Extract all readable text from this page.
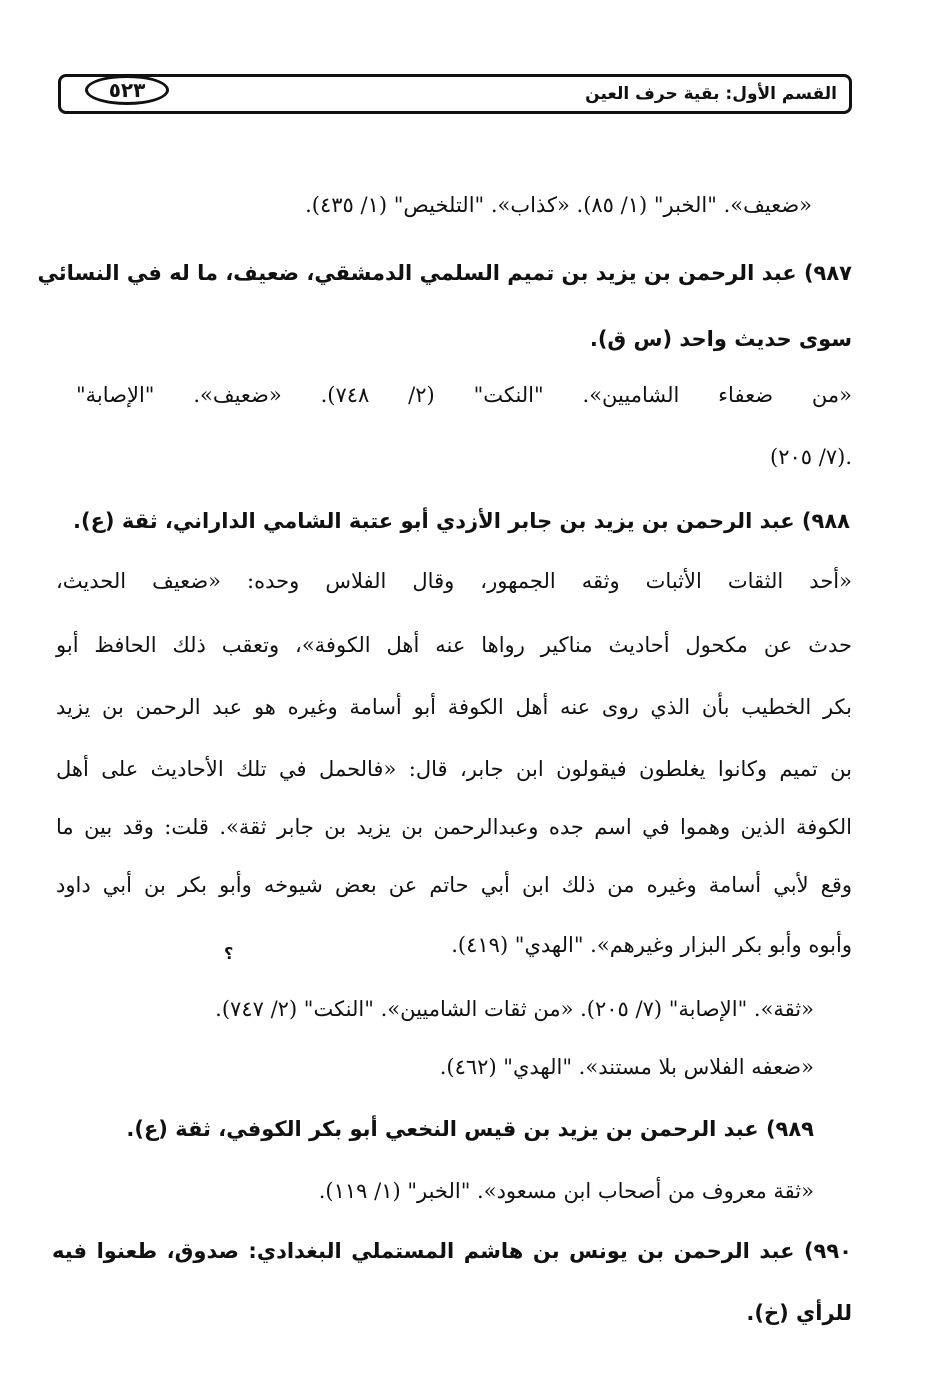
القسم الأول: بقية حرف العين
٥٢٣
«ضعيف». "الخبر" (١/ ٨٥). «كذاب». "التلخيص" (١/ ٤٣٥).
٩٨٧) عبد الرحمن بن يزيد بن تميم السلمي الدمشقي، ضعيف، ما له في النسائي
سوى حديث واحد (س ق).
«من ضعفاء الشاميين». "النكت" (٢/ ٧٤٨). «ضعيف». "الإصابة"
(٧/ ٢٠٥).
٩٨٨) عبد الرحمن بن يزيد بن جابر الأزدي أبو عتبة الشامي الداراني، ثقة (ع).
«أحد الثقات الأثبات وثقه الجمهور، وقال الفلاس وحده: «ضعيف الحديث،
حدث عن مكحول أحاديث مناكير رواها عنه أهل الكوفة»، وتعقب ذلك الحافظ أبو
بكر الخطيب بأن الذي روى عنه أهل الكوفة أبو أسامة وغيره هو عبد الرحمن بن يزيد
بن تميم وكانوا يغلطون فيقولون ابن جابر، قال: «فالحمل في تلك الأحاديث على أهل
الكوفة الذين وهموا في اسم جده وعبدالرحمن بن يزيد بن جابر ثقة». قلت: وقد بين ما
وقع لأبي أسامة وغيره من ذلك ابن أبي حاتم عن بعض شيوخه وأبو بكر بن أبي داود
وأبوه وأبو بكر البزار وغيرهم». "الهدي" (٤١٩).
«ثقة». "الإصابة" (٧/ ٢٠٥). «من ثقات الشاميين». "النكت" (٢/ ٧٤٧).
«ضعفه الفلاس بلا مستند». "الهدي" (٤٦٢).
٩٨٩) عبد الرحمن بن يزيد بن قيس النخعي أبو بكر الكوفي، ثقة (ع).
«ثقة معروف من أصحاب ابن مسعود». "الخبر" (١/ ١١٩).
٩٩٠) عبد الرحمن بن يونس بن هاشم المستملي البغدادي: صدوق، طعنوا فيه
للرأي (خ).
؟
